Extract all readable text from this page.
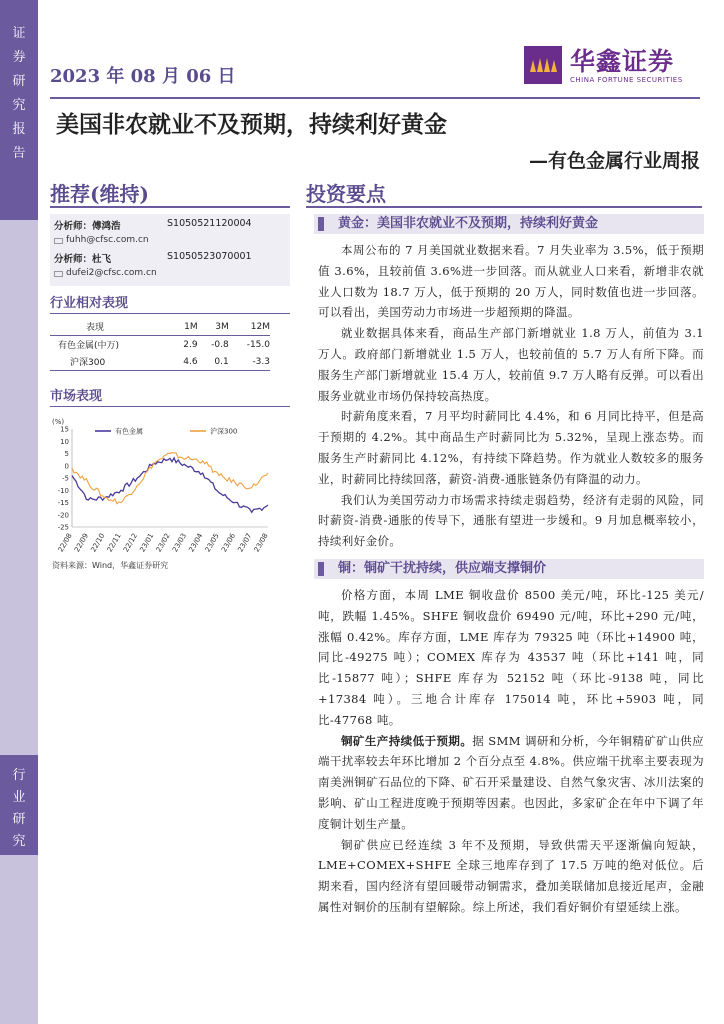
证
券
研
究
报
告
行
业
研
究
2023 年 08 月 06 日
华鑫证券
CHINA FORTUNE SECURITIES
美国非农就业不及预期，持续利好黄金
—有色金属行业周报
推荐(维持)	投资要点
分析师：傅鸿浩	S1050521120004
fuhh@cfsc.com.cn
分析师：杜飞	S1050523070001
dufei2@cfsc.com.cn
行业相对表现
表现	1M	3M	12M
有色金属(中万)	2.9	-0.8	-15.0
沪深300	4.6	0.1	-3.3
市场表现
(%)
15
10
5
0
-5
-10
-15
-20
-25
22/08 22/09 22/10 22/11 22/12 23/01 23/02 23/03 23/04 23/05 23/06 23/07 23/08
有色金属	沪深300
资料来源：Wind，华鑫证券研究
黄金：美国非农就业不及预期，持续利好黄金

本周公布的 7 月美国就业数据来看。7 月失业率为 3.5%，低于预期值 3.6%，且较前值 3.6%进一步回落。而从就业人口来看，新增非农就业人口数为 18.7 万人，低于预期的 20 万人，同时数值也进一步回落。可以看出，美国劳动力市场进一步超预期的降温。

就业数据具体来看，商品生产部门新增就业 1.8 万人，前值为 3.1 万人。政府部门新增就业 1.5 万人，也较前值的 5.7 万人有所下降。而服务生产部门新增就业 15.4 万人，较前值 9.7 万人略有反弹。可以看出服务业就业市场仍保持较高热度。

时薪角度来看，7 月平均时薪同比 4.4%，和 6 月同比持平，但是高于预期的 4.2%。其中商品生产时薪同比为 5.32%，呈现上涨态势。而服务生产时薪同比 4.12%，有持续下降趋势。作为就业人数较多的服务业，时薪同比持续回落，薪资-消费-通胀链条仍有降温的动力。

我们认为美国劳动力市场需求持续走弱趋势，经济有走弱的风险，同时薪资-消费-通胀的传导下，通胀有望进一步缓和。9 月加息概率较小，持续利好金价。

铜：铜矿干扰持续，供应端支撑铜价

价格方面，本周 LME 铜收盘价 8500 美元/吨，环比-125 美元/吨，跌幅 1.45%。SHFE 铜收盘价 69490 元/吨，环比+290 元/吨，涨幅 0.42%。库存方面，LME 库存为 79325 吨（环比+14900 吨，同比-49275 吨）；COMEX 库存为 43537 吨（环比+141 吨，同比-15877 吨）；SHFE 库存为 52152 吨（环比-9138 吨，同比+17384 吨）。三地合计库存 175014 吨，环比+5903 吨，同比-47768 吨。

铜矿生产持续低于预期。据 SMM 调研和分析，今年铜精矿矿山供应端干扰率较去年环比增加 2 个百分点至 4.8%。供应端干扰率主要表现为南美洲铜矿石品位的下降、矿石开采量建设、自然气象灾害、冰川法案的影响、矿山工程进度晚于预期等因素。也因此，多家矿企在年中下调了年度铜计划生产量。

铜矿供应已经连续 3 年不及预期，导致供需天平逐渐偏向短缺，LME+COMEX+SHFE 全球三地库存到了 17.5 万吨的绝对低位。后期来看，国内经济有望回暖带动铜需求，叠加美联储加息接近尾声，金融属性对铜价的压制有望解除。综上所述，我们看好铜价有望延续上涨。
